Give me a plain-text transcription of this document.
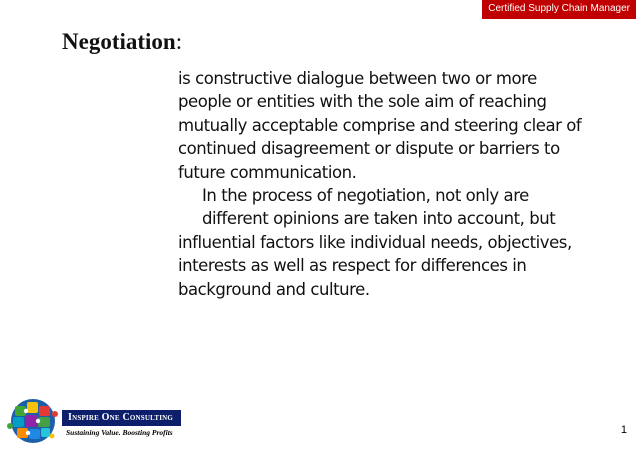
Certified Supply Chain Manager
Negotiation:

is constructive dialogue between two or more
people or entities with the sole aim of reaching
mutually acceptable comprise and steering clear of
continued disagreement or dispute or barriers to
future communication.

In the process of negotiation, not only are
different opinions are taken into account, but
influential factors like individual needs, objectives,
interests as well as respect for differences in
background and culture.

Inspire One Consulting
Sustaining Value. Boosting Profits	1
